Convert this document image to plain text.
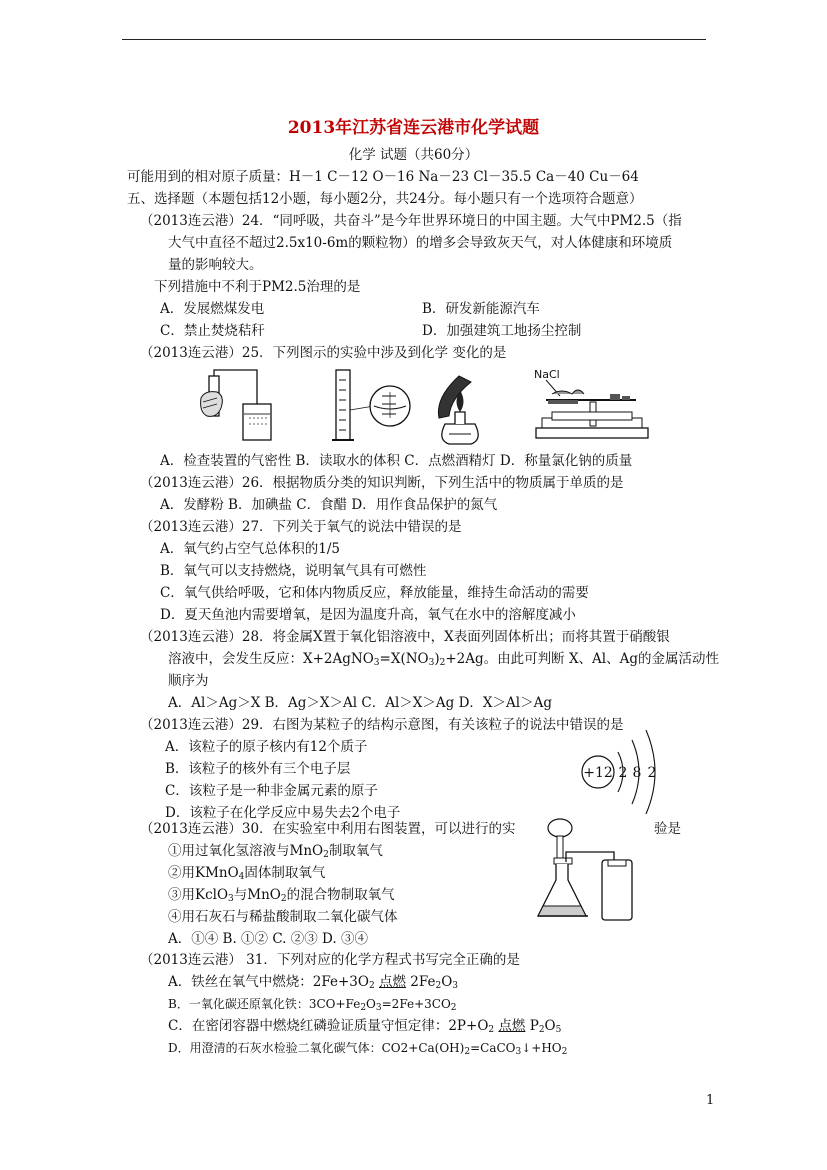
2013年江苏省连云港市化学试题
化学 试题（共60分）
可能用到的相对原子质量：H－1 C－12 O－16 Na－23 Cl－35.5 Ca－40 Cu－64
五、选择题（本题包括12小题，每小题2分，共24分。每小题只有一个选项符合题意）
（2013连云港）24．“同呼吸，共奋斗”是今年世界环境日的中国主题。大气中PM2.5（指
大气中直径不超过2.5x10-6m的颗粒物）的增多会导致灰天气，对人体健康和环境质
量的影响较大。
下列措施中不利于PM2.5治理的是
A．发展燃煤发电	B．研发新能源汽车
C．禁止焚烧秸秆	D．加强建筑工地扬尘控制
（2013连云港）25．下列图示的实验中涉及到化学 变化的是
NaCl
A．检查装置的气密性 B．读取水的体积 C．点燃酒精灯 D．称量氯化钠的质量
（2013连云港）26．根据物质分类的知识判断，下列生活中的物质属于单质的是
A．发酵粉 B．加碘盐 C．食醋 D．用作食品保护的氮气
（2013连云港）27．下列关于氧气的说法中错误的是
A．氧气约占空气总体积的1/5
B．氧气可以支持燃烧，说明氧气具有可燃性
C．氧气供给呼吸，它和体内物质反应，释放能量，维持生命活动的需要
D．夏天鱼池内需要增氧，是因为温度升高，氧气在水中的溶解度减小
（2013连云港）28．将金属X置于氧化铝溶液中，X表面列固体析出；而将其置于硝酸银
溶液中，会发生反应：$X+2AgNO_3=X(NO_3)_2+2Ag$。由此可判断 X、Al、Ag的金属活动性
顺序为
A．Al＞Ag＞X B．Ag＞X＞Al C．Al＞X＞Ag D．X＞Al＞Ag
（2013连云港）29．右图为某粒子的结构示意图，有关该粒子的说法中错误的是
A．该粒子的原子核内有12个质子
B．该粒子的核外有三个电子层
C．该粒子是一种非金属元素的原子
D．该粒子在化学反应中易失去2个电子
+12 2 8 2
（2013连云港）30．在实验室中利用右图装置，可以进行的实	验是
①用过氧化氢溶液与MnO$_2$制取氧气
②用KMnO$_4$固体制取氧气
③用KclO$_3$与MnO$_2$的混合物制取氧气
④用石灰石与稀盐酸制取二氧化碳气体
A．①④ B. ①② C. ②③ D. ③④
（2013连云港） 31．下列对应的化学方程式书写完全正确的是
A．铁丝在氧气中燃烧：$2Fe+3O_2$ 点燃 $2Fe_2O_3$
B．一氧化碳还原氧化铁：$3CO+Fe_2O_3=2Fe+3CO_2$
C．在密闭容器中燃烧红磷验证质量守恒定律：$2P+O_2$ 点燃 $P_2O_5$
D．用澄清的石灰水检验二氧化碳气体：$CO2+Ca(OH)_2=CaCO_3↓+HO_2$
1
